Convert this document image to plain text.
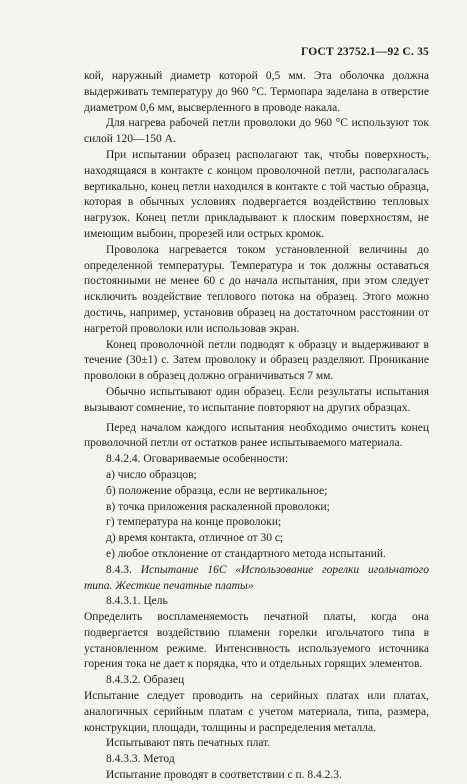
ГОСТ 23752.1—92 С. 35

кой, наружный диаметр которой 0,5 мм. Эта оболочка должна выдерживать температуру до 960 °С. Термопара заделана в отверстие диаметром 0,6 мм, высверленного в проводе накала.

Для нагрева рабочей петли проволоки до 960 °С используют ток силой 120—150 А.

При испытании образец располагают так, чтобы поверхность, находящаяся в контакте с концом проволочной петли, располагалась вертикально, конец петли находился в контакте с той частью образца, которая в обычных условиях подвергается воздействию тепловых нагрузок. Конец петли прикладывают к плоским поверхностям, не имеющим выбоин, прорезей или острых кромок.

Проволока нагревается током установленной величины до определенной температуры. Температура и ток должны оставаться постоянными не менее 60 с до начала испытания, при этом следует исключить воздействие теплового потока на образец. Этого можно достичь, например, установив образец на достаточном расстоянии от нагретой проволоки или использовав экран.

Конец проволочной петли подводят к образцу и выдерживают в течение (30±1) с. Затем проволоку и образец разделяют. Проникание проволоки в образец должно ограничиваться 7 мм.

Обычно испытывают один образец. Если результаты испытания вызывают сомнение, то испытание повторяют на других образцах.

Перед началом каждого испытания необходимо очистить конец проволочной петли от остатков ранее испытываемого материала.

8.4.2.4. Оговариваемые особенности:

а) число образцов;

б) положение образца, если не вертикальное;

в) точка приложения раскаленной проволоки;

г) температура на конце проволоки;

д) время контакта, отличное от 30 с;

е) любое отклонение от стандартного метода испытаний.

8.4.3. Испытание 16С «Использование горелки игольчатого типа. Жесткие печатные платы»

8.4.3.1. Цель

Определить воспламеняемость печатной платы, когда она подвергается воздействию пламени горелки игольчатого типа в установленном режиме. Интенсивность используемого источника горения тока не дает к порядка, что и отдельных горящих элементов.

8.4.3.2. Образец

Испытание следует проводить на серийных платах или платах, аналогичных серийным платам с учетом материала, типа, размера, конструкции, площади, толщины и распределения металла.

Испытывают пять печатных плат.

8.4.3.3. Метод

Испытание проводят в соответствии с п. 8.4.2.3.
